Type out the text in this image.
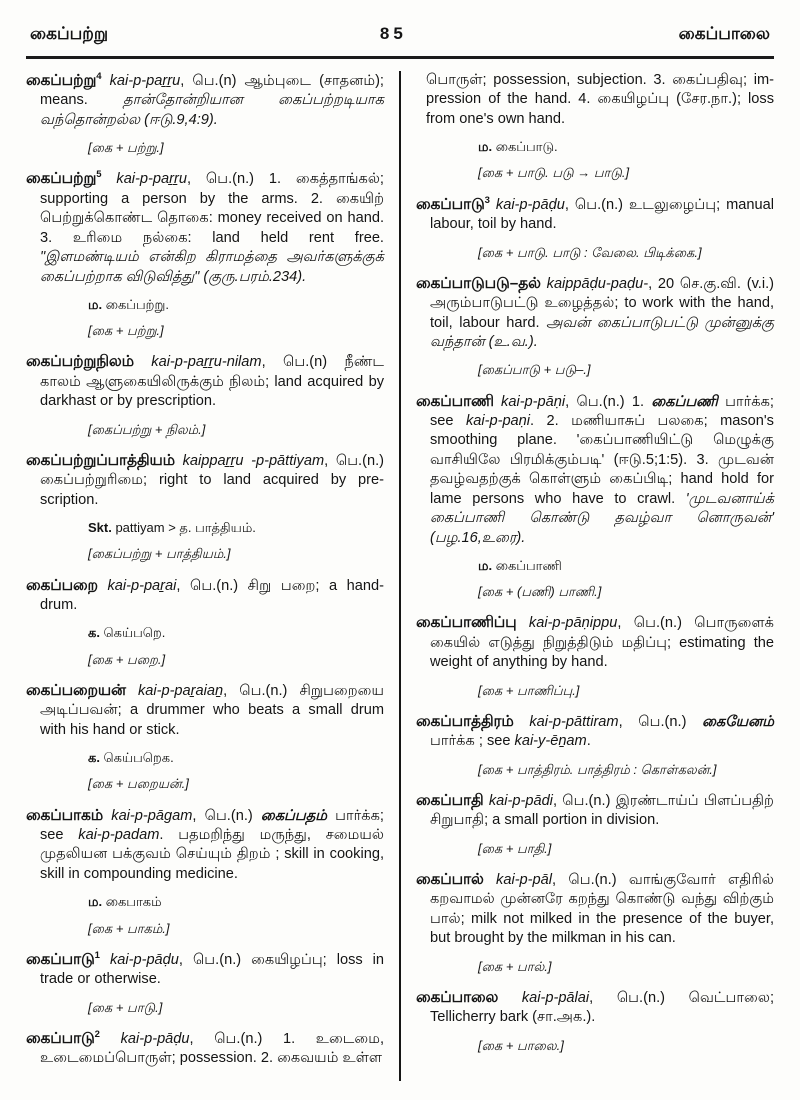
கைப்பற்று	85	கைப்பாலை
கைப்பற்று$^4$ kai-p-paṟṟu, பெ.(n) ஆம்புடை (சாதனம்); means. தான்தோன்றியான கைப்பற்றடியாக வந்தொன்றல்ல (ஈடு.9,4:9).
[கை + பற்று.]
கைப்பற்று$^5$ kai-p-paṟṟu, பெ.(n.) 1. கைத்தாங்கல்; supporting a person by the arms. 2. கையிற் பெற்றுக்கொண்ட தொகை: money received on hand. 3. உரிமை நல்கை: land held rent free. "இளமண்டியம் என்கிற கிராமத்தை அவர்களுக்குக் கைப்பற்றாக விடுவித்து" (குரு.பரம்.234).
ம. கைப்பற்று.
[கை + பற்று.]
கைப்பற்றுநிலம் kai-p-paṟṟu-nilam, பெ.(n) நீண்ட காலம் ஆளுகையிலிருக்கும் நிலம்; land acquired by darkhast or by prescription.
[கைப்பற்று + நிலம்.]
கைப்பற்றுப்பாத்தியம் kaippaṟṟu -p-pāttiyam, பெ.(n.) கைப்பற்றுரிமை; right to land acquired by pre-scription.
Skt. pattiyam > த. பாத்தியம்.
[கைப்பற்று + பாத்தியம்.]
கைப்பறை kai-p-paṟai, பெ.(n.) சிறு பறை; a hand-drum.
க. கெய்பறெ.
[கை + பறை.]
கைப்பறையன் kai-p-paṟaiaṉ, பெ.(n.) சிறுபறையை அடிப்பவன்; a drummer who beats a small drum with his hand or stick.
க. கெய்பறெக.
[கை + பறையன்.]
கைப்பாகம் kai-p-pāgam, பெ.(n.) கைப்பதம் பார்க்க; see kai-p-padam. பதமறிந்து மருந்து, சமையல் முதலியன பக்குவம் செய்யும் திறம் ; skill in cooking, skill in compounding medicine.
ம. கைபாகம்
[கை + பாகம்.]
கைப்பாடு$^1$ kai-p-pāḍu, பெ.(n.) கையிழப்பு; loss in trade or otherwise.
[கை + பாடு.]
கைப்பாடு$^2$ kai-p-pāḍu, பெ.(n.) 1. உடைமை, உடைமைப்பொருள்; possession. 2. கைவயம் உள்ள
பொருள்; possession, subjection. 3. கைப்பதிவு; im-pression of the hand. 4. கையிழப்பு (சேர.நா.); loss from one's own hand.
ம. கைப்பாடு.
[கை + பாடு. படு → பாடு.]
கைப்பாடு$^3$ kai-p-pāḍu, பெ.(n.) உடலுழைப்பு; manual labour, toil by hand.
[கை + பாடு. பாடு : வேலை. பிடிக்கை.]
கைப்பாடுபடு–தல் kaippāḍu-paḍu-, 20 செ.கு.வி. (v.i.) அரும்பாடுபட்டு உழைத்தல்; to work with the hand, toil, labour hard. அவன் கைப்பாடுபட்டு முன்னுக்கு வந்தான் (உ.வ.).
[கைப்பாடு + படு–.]
கைப்பாணி kai-p-pāṇi, பெ.(n.) 1. கைப்பணி பார்க்க; see kai-p-paṇi. 2. மணியாசுப் பலகை; mason's smoothing plane. 'கைப்பாணியிட்டு மெழுக்கு வாசியிலே பிரமிக்கும்படி' (ஈடு.5;1:5). 3. முடவன் தவழ்வதற்குக் கொள்ளும் கைப்பிடி; hand hold for lame persons who have to crawl. 'முடவனாய்க் கைப்பாணி கொண்டு தவழ்வா னொருவன்' (பழ.16,உரை).
ம. கைப்பாணி
[கை + (பணி) பாணி.]
கைப்பாணிப்பு kai-p-pāṇippu, பெ.(n.) பொருளைக் கையில் எடுத்து நிறுத்திடும் மதிப்பு; estimating the weight of anything by hand.
[கை + பாணிப்பு.]
கைப்பாத்திரம் kai-p-pāttiram, பெ.(n.) கையேனம் பார்க்க ; see kai-y-ēṉam.
[கை + பாத்திரம். பாத்திரம் : கொள்கலன்.]
கைப்பாதி kai-p-pādi, பெ.(n.) இரண்டாய்ப் பிளப்பதிற் சிறுபாதி; a small portion in division.
[கை + பாதி.]
கைப்பால் kai-p-pāl, பெ.(n.) வாங்குவோர் எதிரில் கறவாமல் முன்னரே கறந்து கொண்டு வந்து விற்கும் பால்; milk not milked in the presence of the buyer, but brought by the milkman in his can.
[கை + பால்.]
கைப்பாலை kai-p-pālai, பெ.(n.) வெட்பாலை; Tellicherry bark (சா.அக.).
[கை + பாலை.]
